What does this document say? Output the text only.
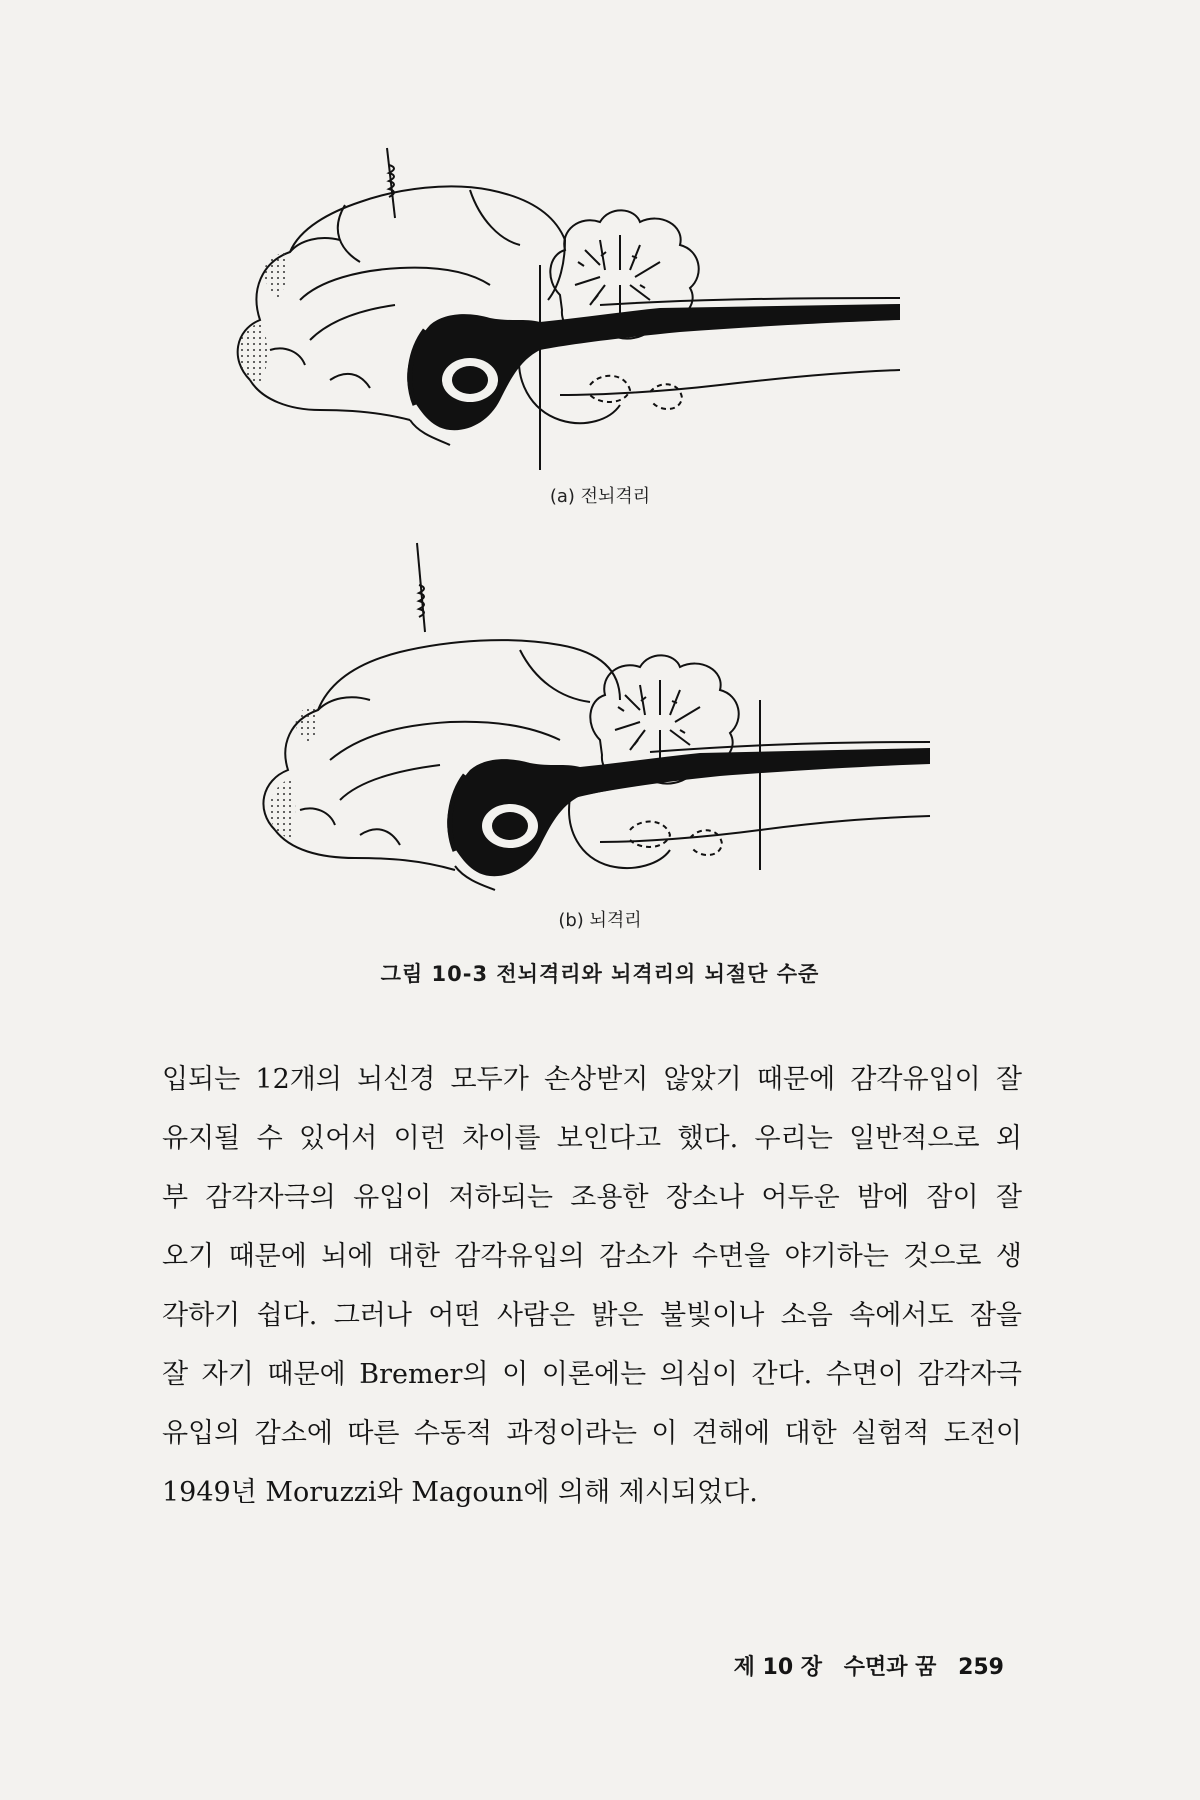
(a) 전뇌격리
(b) 뇌격리
그림 10-3 전뇌격리와 뇌격리의 뇌절단 수준
입되는 12개의 뇌신경 모두가 손상받지 않았기 때문에 감각유입이 잘
유지될 수 있어서 이런 차이를 보인다고 했다. 우리는 일반적으로 외
부 감각자극의 유입이 저하되는 조용한 장소나 어두운 밤에 잠이 잘
오기 때문에 뇌에 대한 감각유입의 감소가 수면을 야기하는 것으로 생
각하기 쉽다. 그러나 어떤 사람은 밝은 불빛이나 소음 속에서도 잠을
잘 자기 때문에 Bremer의 이 이론에는 의심이 간다. 수면이 감각자극
유입의 감소에 따른 수동적 과정이라는 이 견해에 대한 실험적 도전이
1949년 Moruzzi와 Magoun에 의해 제시되었다.
제 10 장 수면과 꿈 259
